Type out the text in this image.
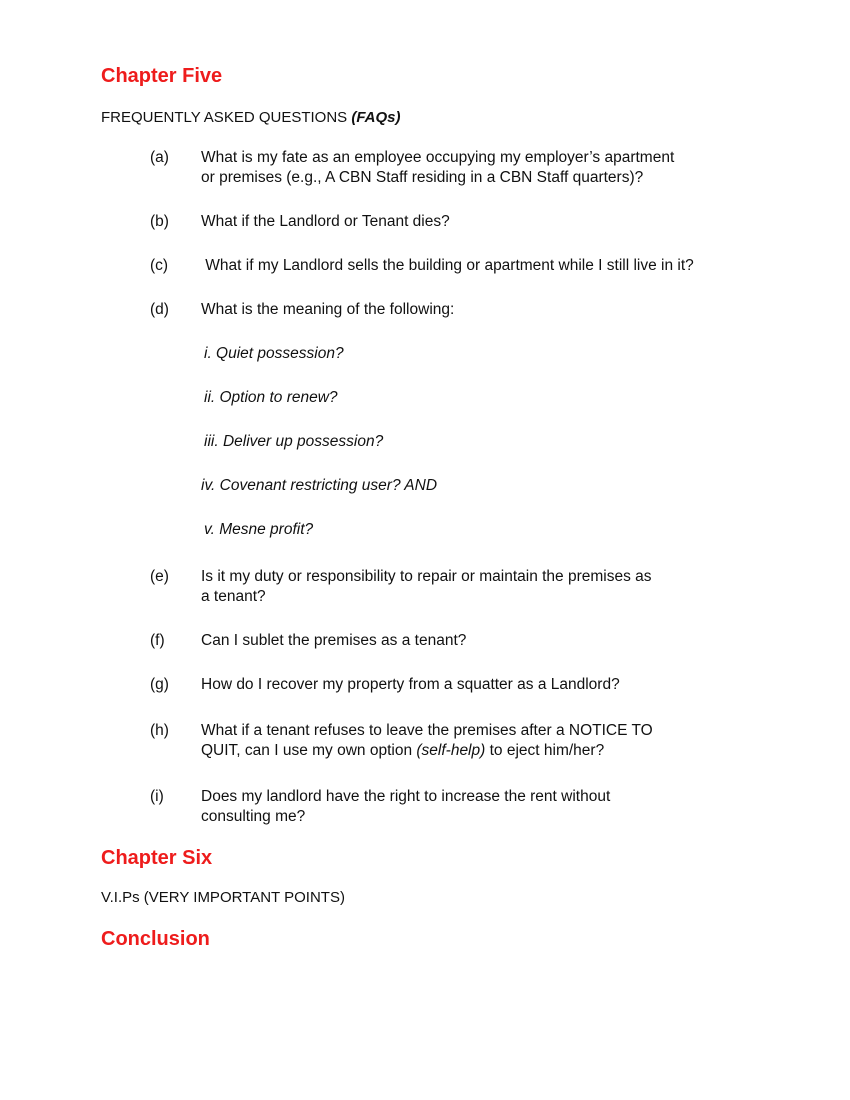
Chapter Five

FREQUENTLY ASKED QUESTIONS (FAQs)

(a) What is my fate as an employee occupying my employer’s apartment
or premises (e.g., A CBN Staff residing in a CBN Staff quarters)?
(b) What if the Landlord or Tenant dies?
(c) What if my Landlord sells the building or apartment while I still live in it?
(d) What is the meaning of the following:
i. Quiet possession?
ii. Option to renew?
iii. Deliver up possession?
iv. Covenant restricting user? AND
v. Mesne profit?
(e) Is it my duty or responsibility to repair or maintain the premises as
a tenant?
(f) Can I sublet the premises as a tenant?
(g) How do I recover my property from a squatter as a Landlord?
(h) What if a tenant refuses to leave the premises after a NOTICE TO
QUIT, can I use my own option (self-help) to eject him/her?
(i) Does my landlord have the right to increase the rent without
consulting me?
Chapter Six

V.I.Ps (VERY IMPORTANT POINTS)

Conclusion
